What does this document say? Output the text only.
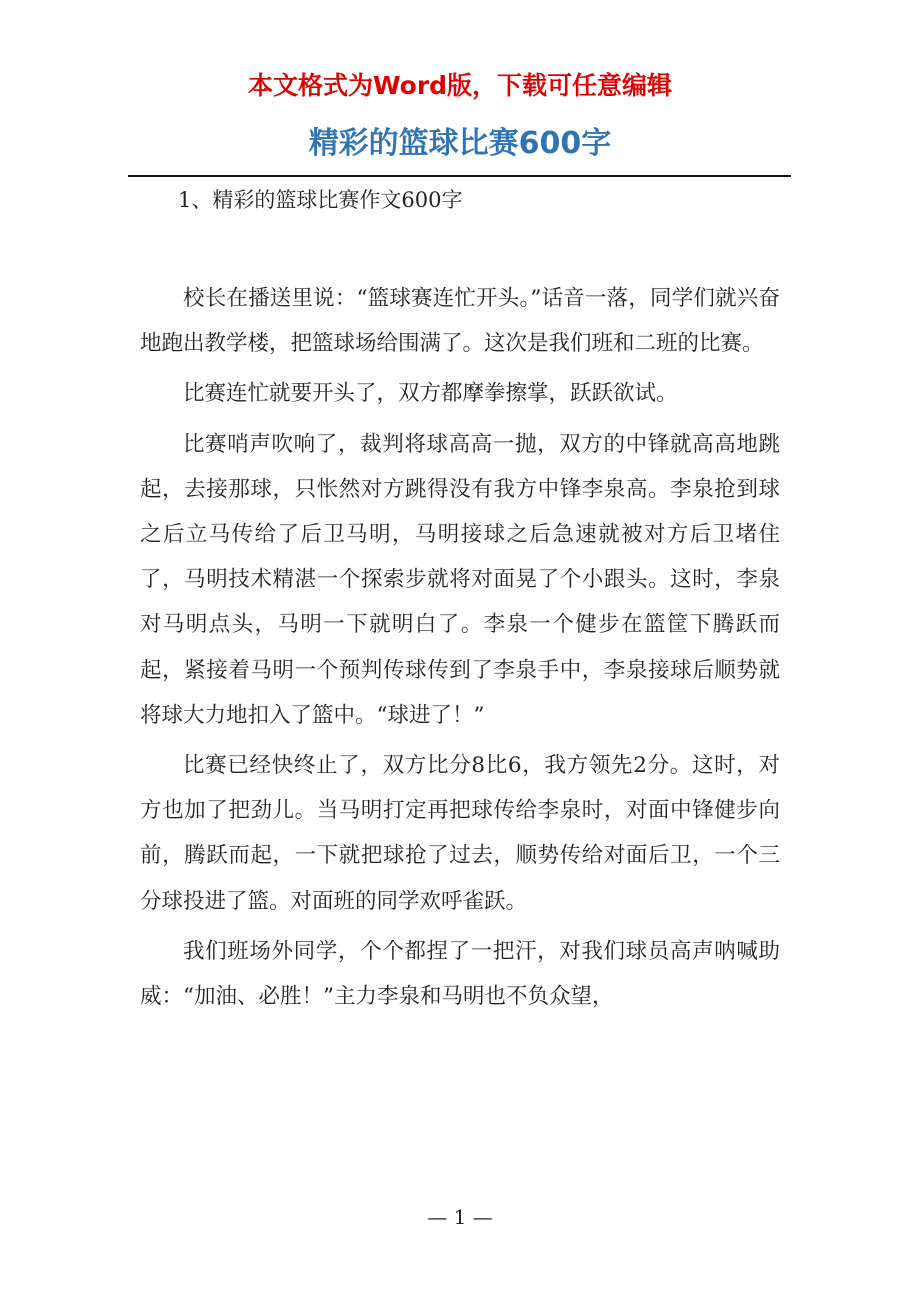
本文格式为Word版，下载可任意编辑
精彩的篮球比赛600字

1、精彩的篮球比赛作文600字

校长在播送里说：“篮球赛连忙开头。”话音一落，同学们就兴奋地跑出教学楼，把篮球场给围满了。这次是我们班和二班的比赛。

比赛连忙就要开头了，双方都摩拳擦掌，跃跃欲试。

比赛哨声吹响了，裁判将球高高一抛，双方的中锋就高高地跳起，去接那球，只怅然对方跳得没有我方中锋李泉高。李泉抢到球之后立马传给了后卫马明，马明接球之后急速就被对方后卫堵住了，马明技术精湛一个探索步就将对面晃了个小跟头。这时，李泉对马明点头，马明一下就明白了。李泉一个健步在篮筐下腾跃而起，紧接着马明一个预判传球传到了李泉手中，李泉接球后顺势就将球大力地扣入了篮中。“球进了！”

比赛已经快终止了，双方比分8比6，我方领先2分。这时，对方也加了把劲儿。当马明打定再把球传给李泉时，对面中锋健步向前，腾跃而起，一下就把球抢了过去，顺势传给对面后卫，一个三分球投进了篮。对面班的同学欢呼雀跃。

我们班场外同学，个个都捏了一把汗，对我们球员高声呐喊助威：“加油、必胜！”主力李泉和马明也不负众望，

— 1 —
